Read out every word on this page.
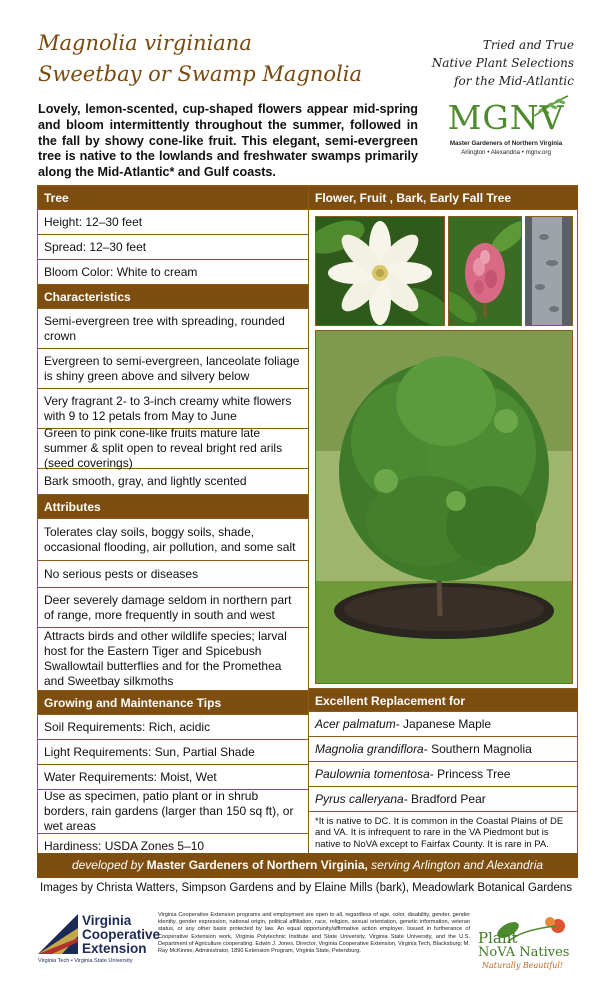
Magnolia virginiana
Sweetbay or Swamp Magnolia
Tried and True
Native Plant Selections
for the Mid-Atlantic
Lovely, lemon-scented, cup-shaped flowers appear mid-spring and bloom intermittently throughout the summer, followed in the fall by showy cone-like fruit. This elegant, semi-evergreen tree is native to the lowlands and freshwater swamps primarily along the Mid-Atlantic* and Gulf coasts.
MGNV
Master Gardeners of Northern Virginia
Arlington • Alexandria • mgnv.org
Tree
Height: 12–30 feet
Spread: 12–30 feet
Bloom Color: White to cream
Characteristics
Semi-evergreen tree with spreading, rounded crown
Evergreen to semi-evergreen, lanceolate foliage is shiny green above and silvery below
Very fragrant 2- to 3-inch creamy white flowers with 9 to 12 petals from May to June
Green to pink cone-like fruits mature late summer & split open to reveal bright red arils (seed coverings)
Bark smooth, gray, and lightly scented
Attributes
Tolerates clay soils, boggy soils, shade, occasional flooding, air pollution, and some salt
No serious pests or diseases
Deer severely damage seldom in northern part of range, more frequently in south and west
Attracts birds and other wildlife species; larval host for the Eastern Tiger and Spicebush Swallowtail butterflies and for the Promethea and Sweetbay silkmoths
Growing and Maintenance Tips
Soil Requirements: Rich, acidic
Light Requirements: Sun, Partial Shade
Water Requirements: Moist, Wet
Use as specimen, patio plant or in shrub borders, rain gardens (larger than 150 sq ft), or wet areas
Hardiness: USDA Zones 5–10
Flower, Fruit , Bark, Early Fall Tree
Excellent Replacement for
Acer palmatum - Japanese Maple
Magnolia grandiflora - Southern Magnolia
Paulownia tomentosa - Princess Tree
Pyrus calleryana - Bradford Pear
*It is native to DC. It is common in the Coastal Plains of DE and VA. It is infrequent to rare in the VA Piedmont but is native to NoVA except to Fairfax County. It is rare in PA.
developed by Master Gardeners of Northern Virginia, serving Arlington and Alexandria
Images by Christa Watters, Simpson Gardens and by Elaine Mills (bark), Meadowlark Botanical Gardens
Virginia
Cooperative
Extension
Virginia Tech • Virginia State University
Virginia Cooperative Extension programs and employment are open to all, regardless of age, color, disability, gender, gender identity, gender expression, national origin, political affiliation, race, religion, sexual orientation, genetic information, veteran status, or any other basis protected by law. An equal opportunity/affirmative action employer. Issued in furtherance of Cooperative Extension work, Virginia Polytechnic Institute and State University, Virginia State University, and the U.S. Department of Agriculture cooperating. Edwin J. Jones, Director, Virginia Cooperative Extension, Virginia Tech, Blacksburg; M. Ray McKinnie, Administrator, 1890 Extension Program, Virginia State, Petersburg.
Plant
NoVA Natives
Naturally Beautiful!
